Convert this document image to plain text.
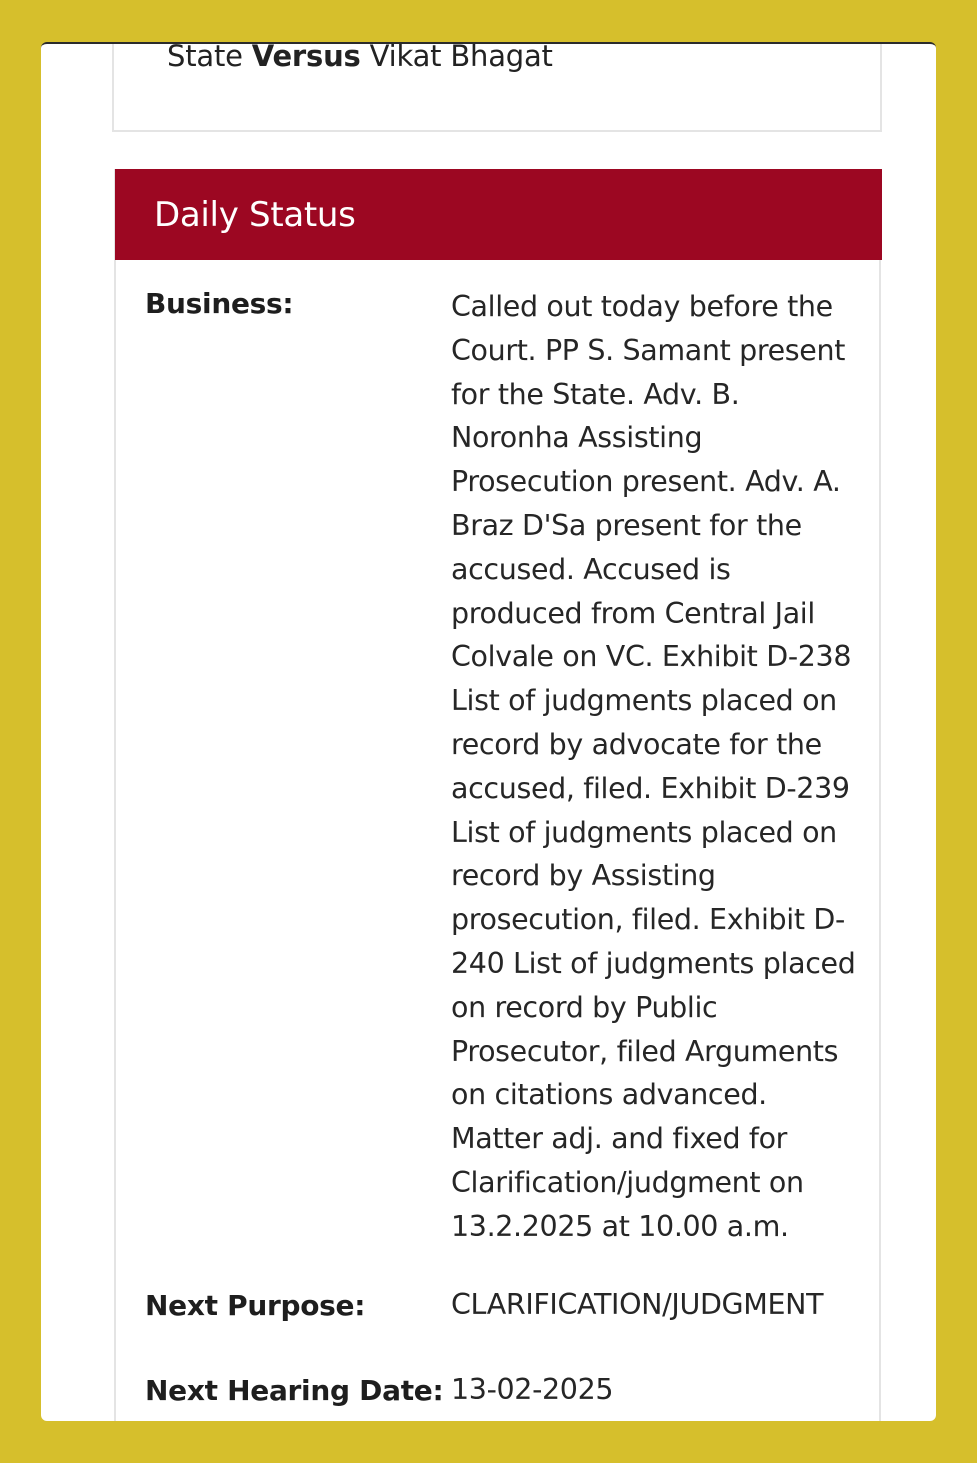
State Versus Vikat Bhagat
Daily Status
Business:	Called out today before the Court. PP S. Samant present for the State. Adv. B. Noronha Assisting Prosecution present. Adv. A. Braz D'Sa present for the accused. Accused is produced from Central Jail Colvale on VC. Exhibit D-238 List of judgments placed on record by advocate for the accused, filed. Exhibit D-239 List of judgments placed on record by Assisting prosecution, filed. Exhibit D-240 List of judgments placed on record by Public Prosecutor, filed Arguments on citations advanced. Matter adj. and fixed for Clarification/judgment on 13.2.2025 at 10.00 a.m.
Next Purpose:	CLARIFICATION/JUDGMENT
Next Hearing Date: 13-02-2025
